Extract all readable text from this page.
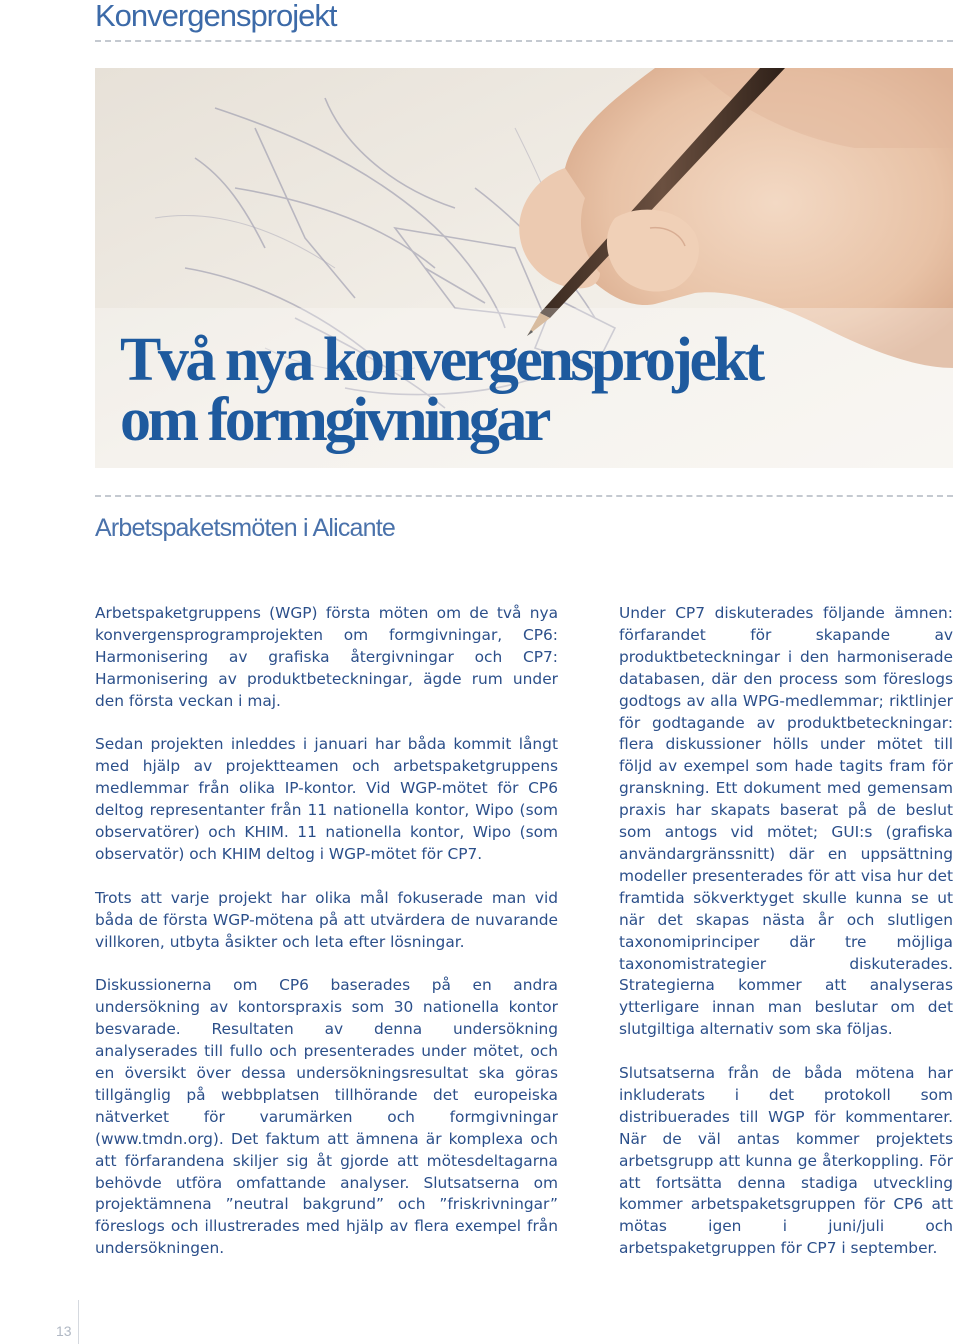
Konvergensprojekt
Två nya konvergensprojekt
om formgivningar
Arbetspaketsmöten i Alicante

Arbetspaketgruppens (WGP) första möten om de två nya konvergensprogramprojekten om formgivningar, CP6: Harmonisering av grafiska återgivningar och CP7: Harmonisering av produktbeteckningar, ägde rum under den första veckan i maj.

Sedan projekten inleddes i januari har båda kommit långt med hjälp av projektteamen och arbetspaketgruppens medlemmar från olika IP-kontor. Vid WGP-mötet för CP6 deltog representanter från 11 nationella kontor, Wipo (som observatörer) och KHIM. 11 nationella kontor, Wipo (som observatör) och KHIM deltog i WGP-mötet för CP7.

Trots att varje projekt har olika mål fokuserade man vid båda de första WGP-mötena på att utvärdera de nuvarande villkoren, utbyta åsikter och leta efter lösningar.

Diskussionerna om CP6 baserades på en andra undersökning av kontorspraxis som 30 nationella kontor besvarade. Resultaten av denna undersökning analyserades till fullo och presenterades under mötet, och en översikt över dessa undersökningsresultat ska göras tillgänglig på webbplatsen tillhörande det europeiska nätverket för varumärken och formgivningar (www.tmdn.org). Det faktum att ämnena är komplexa och att förfarandena skiljer sig åt gjorde att mötesdeltagarna behövde utföra omfattande analyser. Slutsatserna om projektämnena ”neutral bakgrund” och ”friskrivningar” föreslogs och illustrerades med hjälp av flera exempel från undersökningen.

Under CP7 diskuterades följande ämnen: förfarandet för skapande av produktbeteckningar i den harmoniserade databasen, där den process som föreslogs godtogs av alla WPG-medlemmar; riktlinjer för godtagande av produktbeteckningar: flera diskussioner hölls under mötet till följd av exempel som hade tagits fram för granskning. Ett dokument med gemensam praxis har skapats baserat på de beslut som antogs vid mötet; GUI:s (grafiska användargränssnitt) där en uppsättning modeller presenterades för att visa hur det framtida sökverktyget skulle kunna se ut när det skapas nästa år och slutligen taxonomiprinciper där tre möjliga taxonomistrategier diskuterades. Strategierna kommer att analyseras ytterligare innan man beslutar om det slutgiltiga alternativ som ska följas.

Slutsatserna från de båda mötena har inkluderats i det protokoll som distribuerades till WGP för kommentarer. När de väl antas kommer projektets arbetsgrupp att kunna ge återkoppling. För att fortsätta denna stadiga utveckling kommer arbetspaketsgruppen för CP6 att mötas igen i juni/juli och arbetspaketgruppen för CP7 i september.

13
